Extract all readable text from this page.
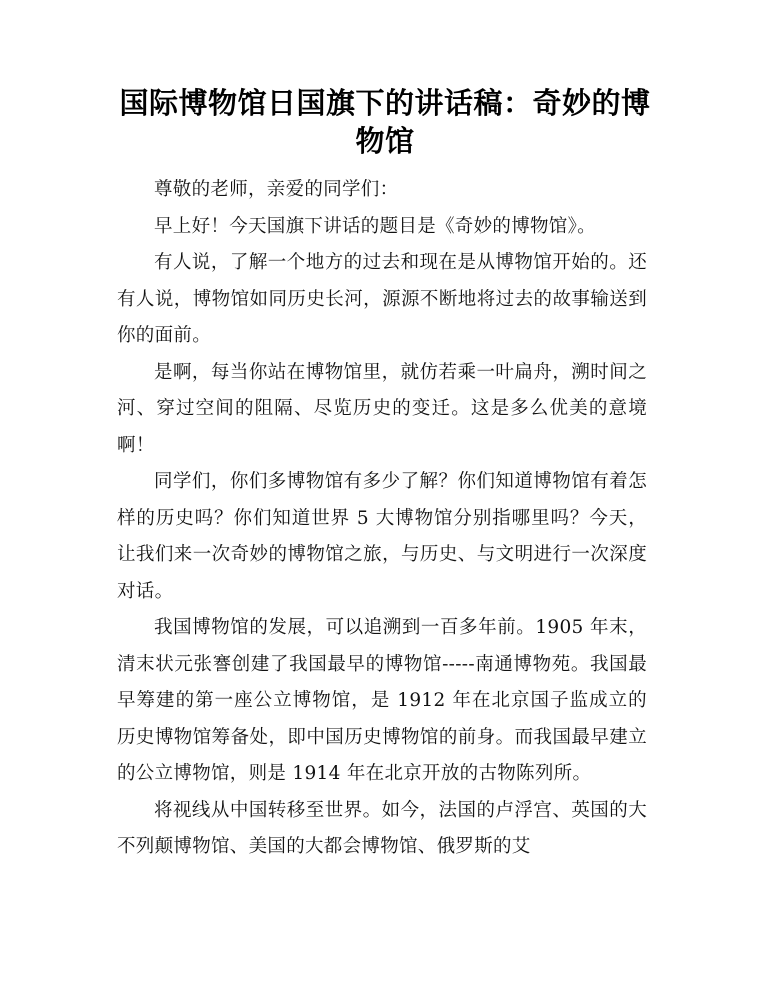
国际博物馆日国旗下的讲话稿：奇妙的博物馆

尊敬的老师，亲爱的同学们：

早上好！今天国旗下讲话的题目是《奇妙的博物馆》。

有人说，了解一个地方的过去和现在是从博物馆开始的。还有人说，博物馆如同历史长河，源源不断地将过去的故事输送到你的面前。

是啊，每当你站在博物馆里，就仿若乘一叶扁舟，溯时间之河、穿过空间的阻隔、尽览历史的变迁。这是多么优美的意境啊！

同学们，你们多博物馆有多少了解？你们知道博物馆有着怎样的历史吗？你们知道世界 5 大博物馆分别指哪里吗？今天，让我们来一次奇妙的博物馆之旅，与历史、与文明进行一次深度对话。

我国博物馆的发展，可以追溯到一百多年前。1905 年末，清末状元张謇创建了我国最早的博物馆-----南通博物苑。我国最早筹建的第一座公立博物馆，是 1912 年在北京国子监成立的历史博物馆筹备处，即中国历史博物馆的前身。而我国最早建立的公立博物馆，则是 1914 年在北京开放的古物陈列所。

将视线从中国转移至世界。如今，法国的卢浮宫、英国的大不列颠博物馆、美国的大都会博物馆、俄罗斯的艾
